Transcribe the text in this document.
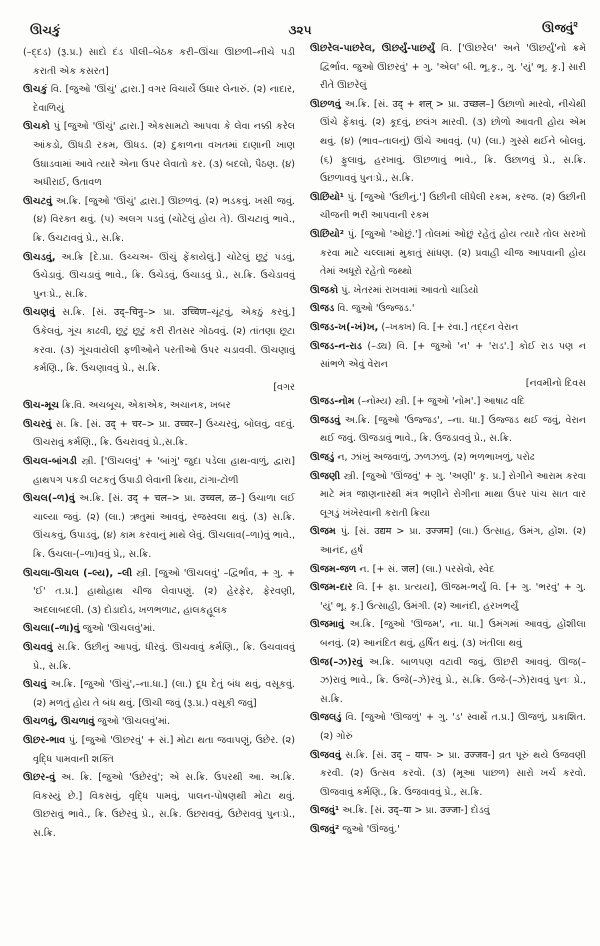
ઊચકું	૩૨૫	ઊજવું$^૨$

(–દ્દડ) (રૂ.પ્ર.) સાદો દંડ પીલી–બેઠક કરી–ઊંચા ઊછળી–નીચે પડી કરાતી એક કસરત]

ઊચકું વિ. [જુઓ 'ઊંચું' દ્વારા.] વગર વિચાર્યે ઉધાર લેનારું. (૨) નાદાર, દેવાળિયું

ઊચકો પું [જુઓ 'ઊંચું' દ્વારા.] એકસામટો આપવા કે લેવા નક્કી કરેલ આંકડો, ઊધડી રકમ, ઊધડ. (૨) દુકાળના વખતમાં દાણાની ખાણ ઉઘાડવામાં આવે ત્યારે એના ઉપર લેવાતો કર. (૩) બદલો, પૈઠણ. (૪) અધીરાઈ, ઉતાવળ

ઊચટવું અ.ક્રિ. [જુઓ 'ઊંચું' દ્વારા.] ઊછળવું. (૨) ભડકવું. ખસી જવું. (૪) વિરક્ત થવું. (૫) અલગ પડવું (ચોટેલું હોય તે). ઊચટાવું ભાવે., ક્રિ. ઉચટાવવું પ્રે., સ.ક્રિ.

ઊચડવું, અ.ક્રિ [દે.પ્રા. ઉચ્ચઅ- ઊંચું ફેંકાયેલું.] ચોટેલું છૂટું પડવું, ઉચેડાવું. ઊચડાવું ભાવે., ક્રિ. ઉચેડવું, ઉચાડવું પ્રે., સ.ક્રિ. ઉચેડાવવું પુનઃપ્રે., સ.ક્રિ.

ઊચણવું સ.ક્રિ. [સં. उद्–चिनु–> પ્રા. उच्चिण–ચૂંટવું, એકઠું કરવું.] ઉકેલવું, ગૂંચ કાઢવી, છૂટું છૂટું કરી રીતસર ગોઠવવું. (૨) તાંતણા છૂટા કરવા. (૩) ગૂંચવાયેલી ફળીઓને પરતીઓ ઉપર ચડાવવી. ઊચણાવું કર્મણિ., ક્રિ. ઉચણાવવું પ્રે., સ.ક્રિ.
[વગર

ઊચ-મૂચ ક્રિ.વિ. અચબૂચ, એકાએક, અચાનક, ખબર

ઊચરવું સ. ક્રિ. [સં. उद् + चर–> પ્રા. उच्चर–] ઉચ્ચરવું, બોલવું, વદવું. ઊચરાવું કર્મણિ., ક્રિ. ઉચરાવવું પ્રે.,સ.ક્રિ.

ઊચલ-બાંગડી સ્ત્રી. ['ઊચલવું' + 'બાંગું' જુદા પડેલા હાથ-વાળું, દ્વારા] હાથપગ પકડી લટકતું ઉપાડી લેવાની ક્રિયા, ટાંગા-ટોળી

ઊચલ(–ળ)વું અ.ક્રિ. [સં. उद् + चल–> પ્રા. उच्चल, ळ–] ઉચાળા લઈ ચાલ્યા જવું. (૨) (લા.) ઋતુમાં આવવું, રજસ્વલા થવું. (૩) સ.ક્રિ. ઊંચકવું, ઉપાડવું, (૪) કામ કરવાનું માથે લેવું. ઊચલાવ(–ળા)વું ભાવે., ક્રિ. ઉચલા-(–ળા)વવું પ્રે,, સ.ક્રિ.

ઊચલા-ઊચલ (–લ્ય), –લી સ્ત્રી. [જુઓ 'ઊચલવું' –દ્વિર્ભાવ, + ગુ. + 'ઈ' ત.પ્ર.] હાથોહાથ ચીજ લેવાપણું. (૨) હેરફેર, ફેરવણી, અદલાબદલી. (૩) દોડાદોડ, ખળભળાટ, હાલકહૂલક

ઊચલા(–ળા)વું જુઓ 'ઊચલવું'માં.

ઊચવવું સ.ક્રિ. ઉછીનું આપવું, ધીરવું. ઊચવાવું કર્મણિ., ક્રિ. ઉચવાવવું પ્રે., સ.ક્રિ.

ઊચવું અ.ક્રિ. [જુઓ 'ઊંચું',–ના.ધા.] (લા.) દૂધ દેતું બંધ થવું, વસૂકવું. (૨) મળતું હોય તે બંધ થવું. [ઊચી જવું (રૂ.પ્ર.) વસૂકી જવું]

ઊચળવું, ઊચળાવું જુઓ 'ઊચલવું'માં.

ઊછર-ભાવ પું. [જુઓ 'ઊછરવું' + સં.] મોટા થતા જવાપણું, ઉછેર. (૨) વૃદ્ધિ પામવાની શક્તિ

ઊછર-વું અ. ક્રિ. [જુઓ 'ઉછેરવું'; એ સ.ક્રિ. ઉપરથી આ. અ.ક્રિ. વિકસ્યું છે.] વિકસવું, વૃદ્ધિ પામવું, પાલન-પોષણથી મોટા થવું. ઊછરાવું ભાવે., ક્રિ. ઉછેરવું પ્રે., સ.ક્રિ. ઉછરાવવું, ઉછેરાવવું પુનઃપ્રે., સ.ક્રિ.

ઊછરેલ-પાછરેલ, ઊછર્યું-પાછર્યું વિ. ['ઊછરેલ' અને 'ઊછર્યું'નો ક્રમે દ્વિર્ભાવ. જુઓ ઊછરવું' + ગુ. 'એલ' બી. ભૂ.કૃ., ગુ. 'યું' ભૂ. કૃ.] સારી રીતે ઊછરેલું

ઊછળવું અ.ક્રિ. [સં. उद् + शल् > પ્રા. उच्छल–] ઉછાળો મારવો, નીચેથી ઊંચે ફેંકાવું. (૨) કૂદવું, છલંગ મારવી. (૩) છોળો આવતી હોય એમ થવું. (૪) (ભાવ–તાલનું) ઊંચે આવવું. (૫) (લા.) ગુસ્સે થઈને બોલવું. (૬) ફુલાવું, હરખાવું. ઊછળાવું ભાવે., ક્રિ. ઉછાળવું પ્રે., સ.ક્રિ. ઉછળાવવું પુનઃપ્રે., સ.ક્રિ.

ઊછિયો¹ પું. [જુઓ 'ઉછીનું.'] ઉછીની લીધેલી રકમ, કરજ. (૨) ઉછીની ચીજની ભરી આપવાની રકમ

ઊછિયો² પું. [જુઓ 'ઓછું.'] તોલમાં ઓછું રહેતું હોય ત્યારે તોલ સરખો કરવા માટે ચલ્લામાં મુકાતું સાંધણ. (૨) પ્રવાહી ચીજ આપવાની હોય તેમાં અધૂરો રહેતો જથ્થો

ઊજકો પું. ખેતરમાં રાખવામાં આવતો ચાડિયો

ઊજડ વિ. જુઓ 'ઉજ્જડ.'

ઊજડ-ખ(-ખં)ખ, (–ખક્ખ) વિ. [+ રવા.] તદ્દન વેરાન

ઊજડ-ન-રાડ (–ડ્ય) વિ. [+ જુઓ 'ન' + 'રાડ'.] કોઈ રાડ પણ ન સાંભળે એવું વેરાન
[નવમીનો દિવસ

ઊજડ-નોમ (–નોમ્ય) સ્ત્રી. [+ જુઓ 'નોમ'.] આષાઢ વદિ

ઊજડવું અ.ક્રિ. [જુઓ 'ઉજ્જડ', –ના. ધા.] ઉજ્જડ થઈ જવું, વેરાન થઈ જવું. ઊજડાવું ભાવે., ક્રિ. ઉજડાવવું પ્રે., સ.ક્રિ.

ઊજડું ન, ઝાંખું અજવાળું, ઝળઝળું. (૨) ભળભાખળું, પરોઢ

ઊજણી સ્ત્રી. [જુઓ 'ઊંજવું' + ગુ. 'અણી' કૃ. પ્ર.] રોગીને આરામ કરવા માટે મંત્ર જાણનારથી મંત્ર ભણીને રોગીના માથા ઉપર પાંચ સાત વાર લૂગડું ખંખેરવાની કરાતી ક્રિયા

ઊજમ પું. [સં. उद्यम > પ્રા. उज्जम] (લા.) ઉત્સાહ, ઉમંગ, હોંશ. (૨) આનંદ, હર્ષ

ઊજમ-જળ ન. [+ સં. जल] (લા.) પરસેવો, સ્વેદ

ઊજમ-દાર વિ. [+ ફા. પ્રત્યય], ઊજમ-ભર્યું વિ. [+ ગુ. 'ભરવું' + ગુ. 'યું' ભૂ. કૃ.] ઉત્સાહી, ઉમંગી. (૨) આનંદી, હરખભર્યું

ઊજમાવું અ.ક્રિ. [જુઓ 'ઊજમ', ના. ધા.] ઉમંગમાં આવવું, હોંશીલા બનવું. (૨) આનંદિત થવું, હર્ષિત થવું. (૩) ખંતીલા થવું

ઊજ(–ઝ)રવું અ.ક્રિ. બાળપણ વટાવી જવું, ઊછરી આવવું. ઊજ(–ઝ)રાવું ભાવે., ક્રિ. ઉજે(–ઝે)રવું પ્રે., સ.ક્રિ. ઉજે-(–ઝે)રાવવું પુનઃ પ્રે., સ.ક્રિ.

ઊજલડું વિ. [જુઓ 'ઊજળું' + ગુ. 'ડ' સ્વાર્થે ત.પ્ર.] ઊજળું, પ્રકાશિત. (૨) ગોરું

ઊજવવું સ.ક્રિ. [સં. उद् – याप- > પ્રા. उज्जव-] વ્રત પૂરું થયે ઉજવણી કરવી. (૨) ઉત્સવ કરવો. (૩) (મૂઆ પાછળ) સારો ખર્ચ કરવો. ઊજવાવું કર્મણિ., ક્રિ. ઉજવાવવું પ્રે., સ.ક્રિ.

ઊજવું¹ અ.ક્રિ. [સં. उद्–या > પ્રા. उज्जा-] દોડવું

ઊજવું² જુઓ 'ઊંજવું.'
